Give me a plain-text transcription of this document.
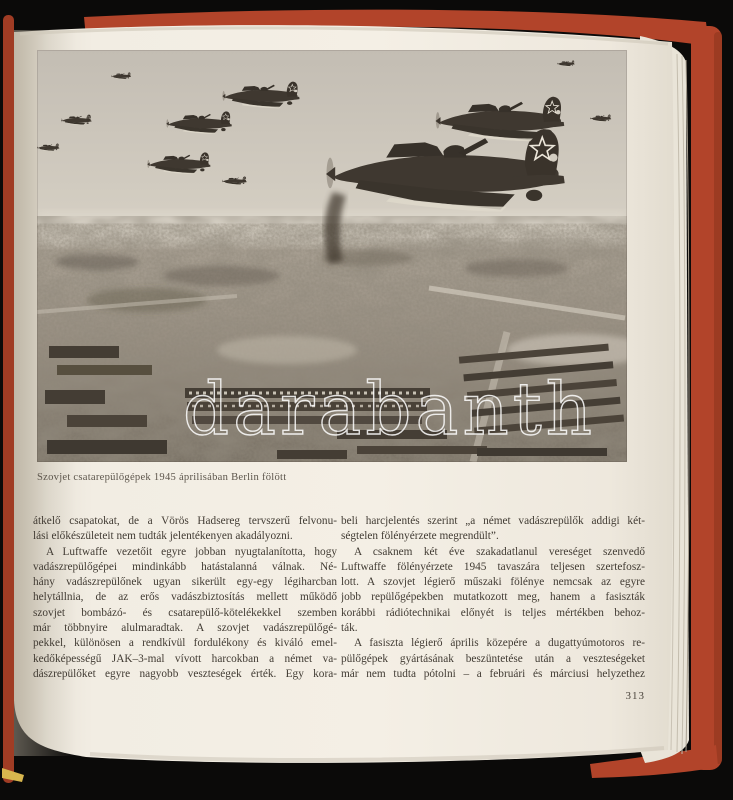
darabanth
Szovjet csatarepülőgépek 1945 áprilisában Berlin fölött
átkelő csapatokat, de a Vörös Hadsereg tervszerű felvonu-
lási előkészületeit nem tudták jelentékenyen akadályozni.
A Luftwaffe vezetőit egyre jobban nyugtalanította, hogy
vadászrepülőgépei mindinkább hatástalanná válnak. Né-
hány vadászrepülőnek ugyan sikerült egy-egy légiharcban
helytállnia, de az erős vadászbiztosítás mellett működő
szovjet bombázó- és csatarepülő-kötelékekkel szemben
már többnyire alulmaradtak. A szovjet vadászrepülőgé-
pekkel, különösen a rendkívül fordulékony és kiváló emel-
kedőképességű JAK–3-mal vívott harcokban a német va-
dászrepülőket egyre nagyobb veszteségek érték. Egy kora-
beli harcjelentés szerint „a német vadászrepülők addigi két-
ségtelen fölényérzete megrendült”.
A csaknem két éve szakadatlanul vereséget szenvedő
Luftwaffe fölényérzete 1945 tavaszára teljesen szertefosz-
lott. A szovjet légierő műszaki fölénye nemcsak az egyre
jobb repülőgépekben mutatkozott meg, hanem a fasiszták
korábbi rádiótechnikai előnyét is teljes mértékben behoz-
ták.
A fasiszta légierő április közepére a dugattyúmotoros re-
pülőgépek gyártásának beszüntetése után a veszteségeket
már nem tudta pótolni – a februári és márciusi helyzethez
313
